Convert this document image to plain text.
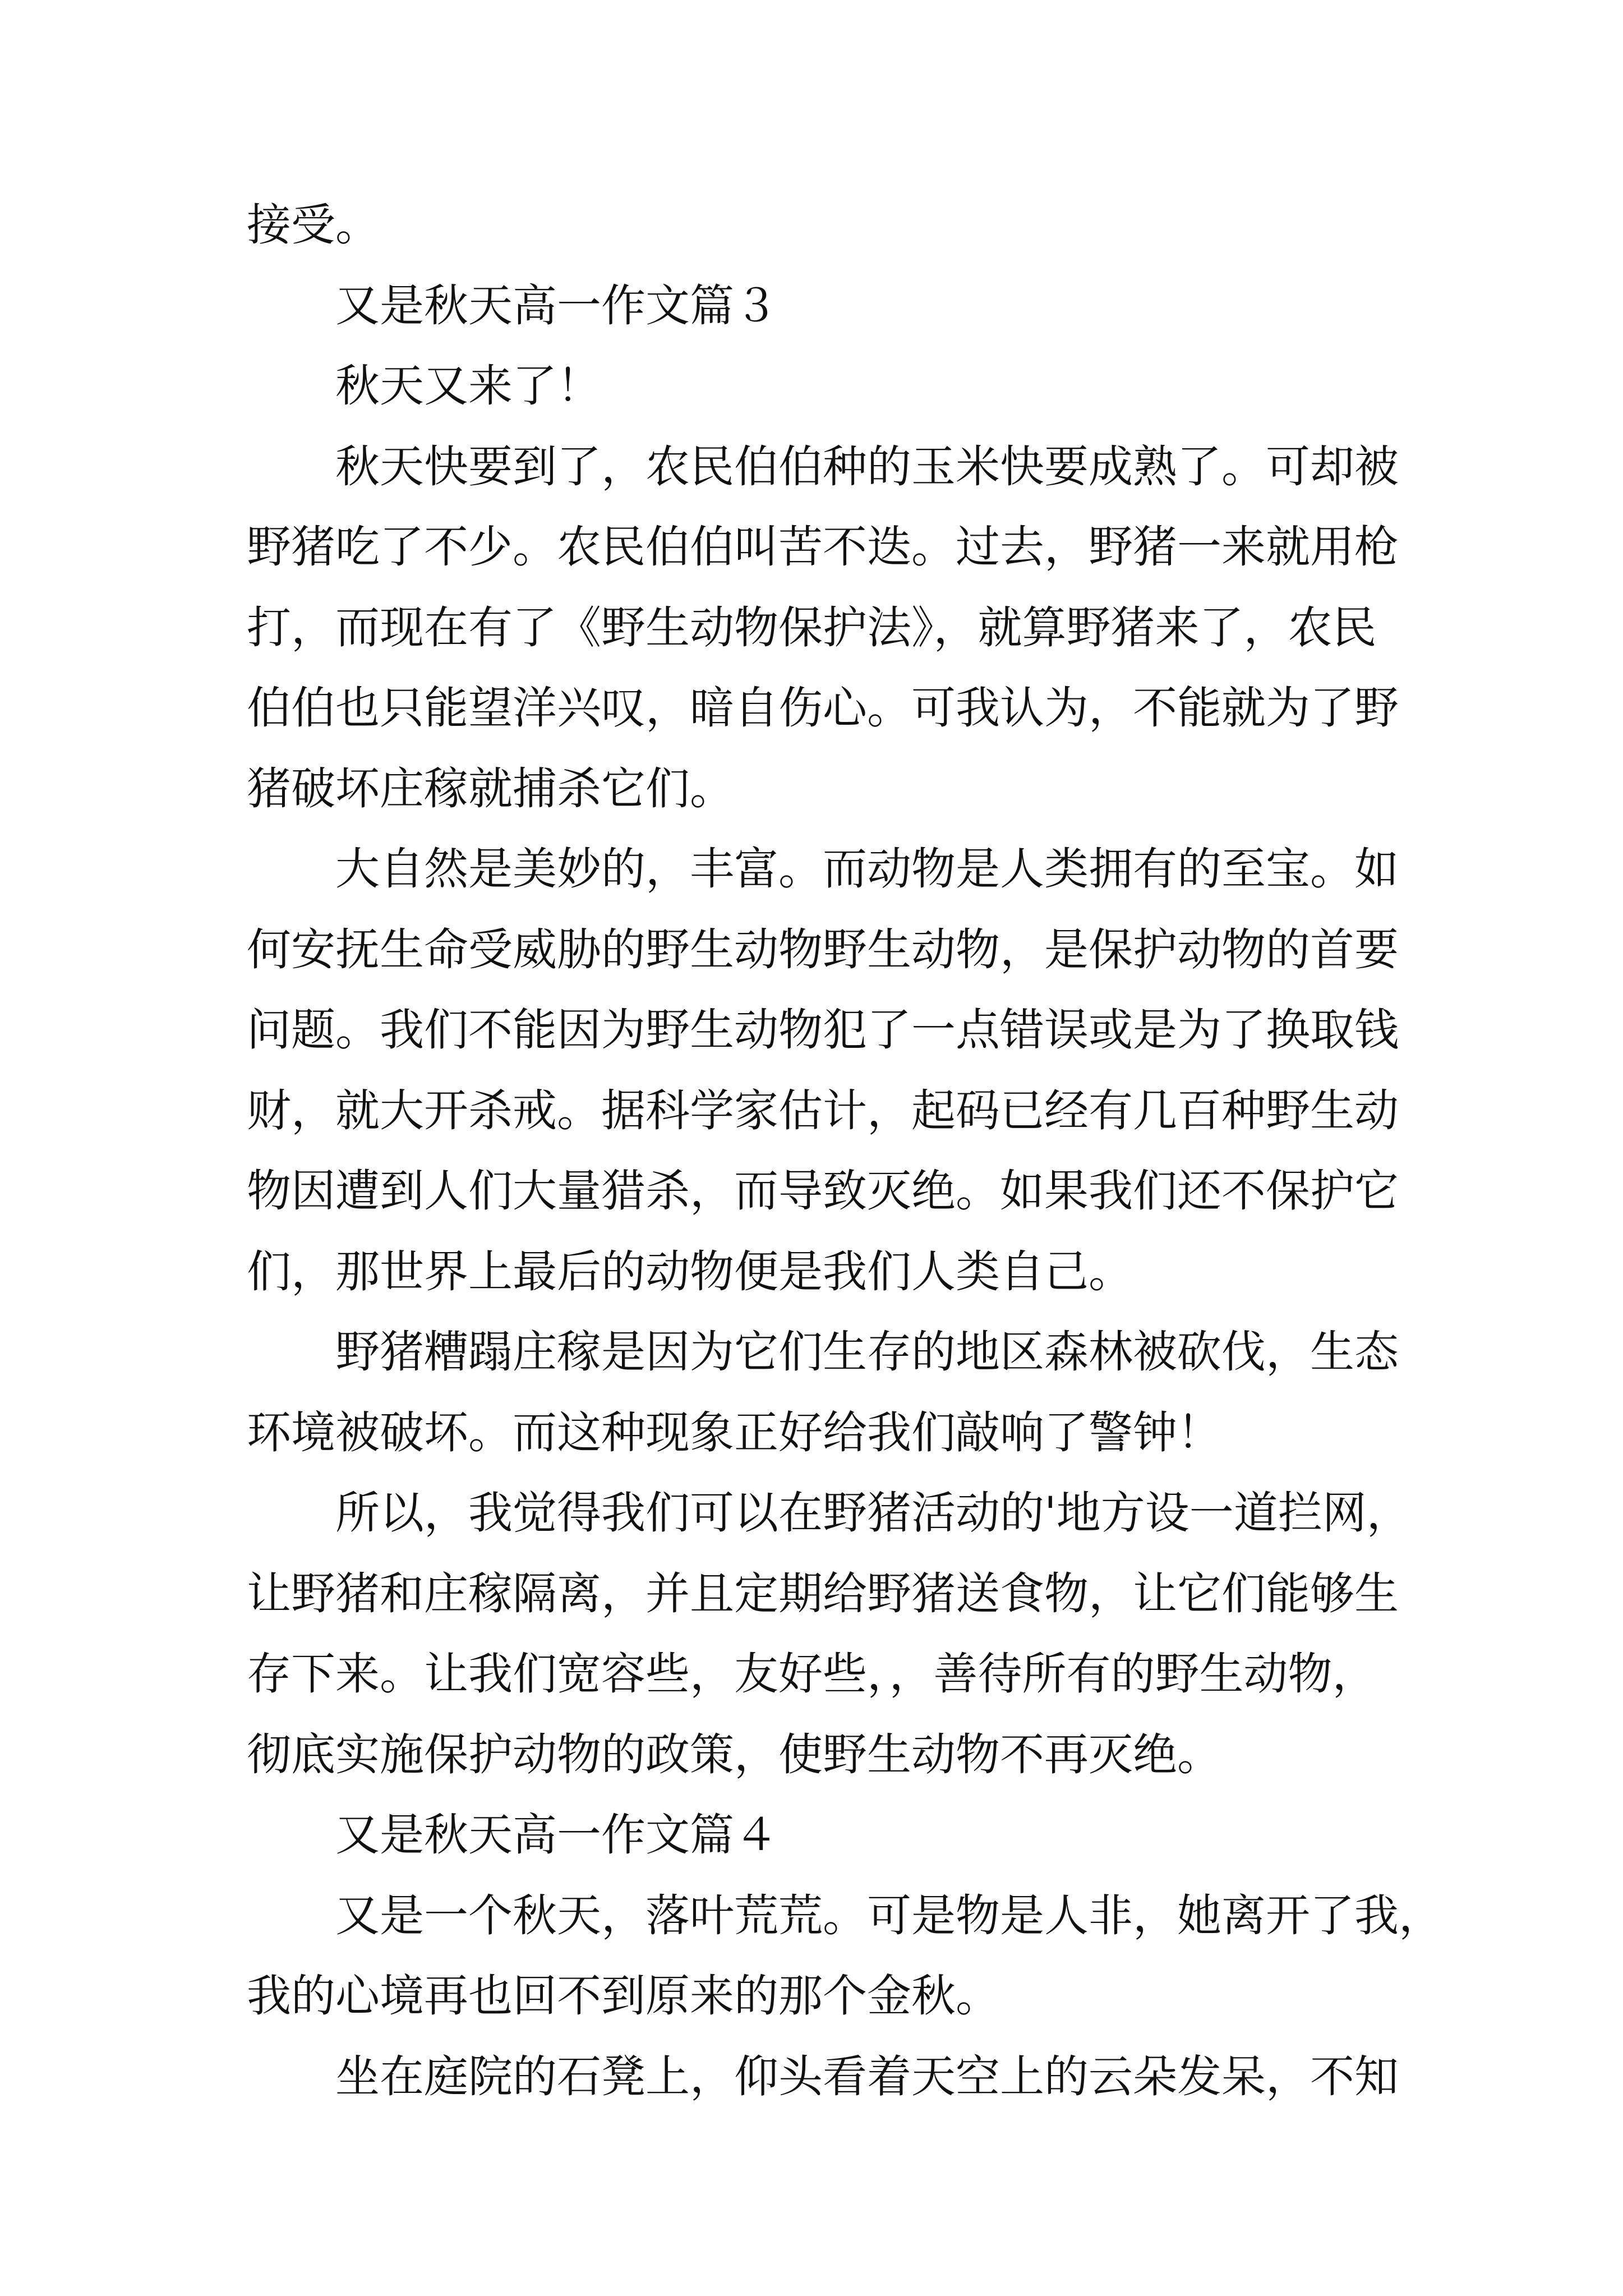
接受。
　　又是秋天高一作文篇３
　　秋天又来了！
　　秋天快要到了，农民伯伯种的玉米快要成熟了。可却被
野猪吃了不少。农民伯伯叫苦不迭。过去，野猪一来就用枪
打，而现在有了《野生动物保护法》，就算野猪来了，农民
伯伯也只能望洋兴叹，暗自伤心。可我认为，不能就为了野
猪破坏庄稼就捕杀它们。
　　大自然是美妙的，丰富。而动物是人类拥有的至宝。如
何安抚生命受威胁的野生动物野生动物，是保护动物的首要
问题。我们不能因为野生动物犯了一点错误或是为了换取钱
财，就大开杀戒。据科学家估计，起码已经有几百种野生动
物因遭到人们大量猎杀，而导致灭绝。如果我们还不保护它
们，那世界上最后的动物便是我们人类自己。
　　野猪糟蹋庄稼是因为它们生存的地区森林被砍伐，生态
环境被破坏。而这种现象正好给我们敲响了警钟！
　　所以，我觉得我们可以在野猪活动的'地方设一道拦网，
让野猪和庄稼隔离，并且定期给野猪送食物，让它们能够生
存下来。让我们宽容些，友好些，，善待所有的野生动物，
彻底实施保护动物的政策，使野生动物不再灭绝。
　　又是秋天高一作文篇４
　　又是一个秋天，落叶荒荒。可是物是人非，她离开了我，
我的心境再也回不到原来的那个金秋。
　　坐在庭院的石凳上，仰头看着天空上的云朵发呆，不知
